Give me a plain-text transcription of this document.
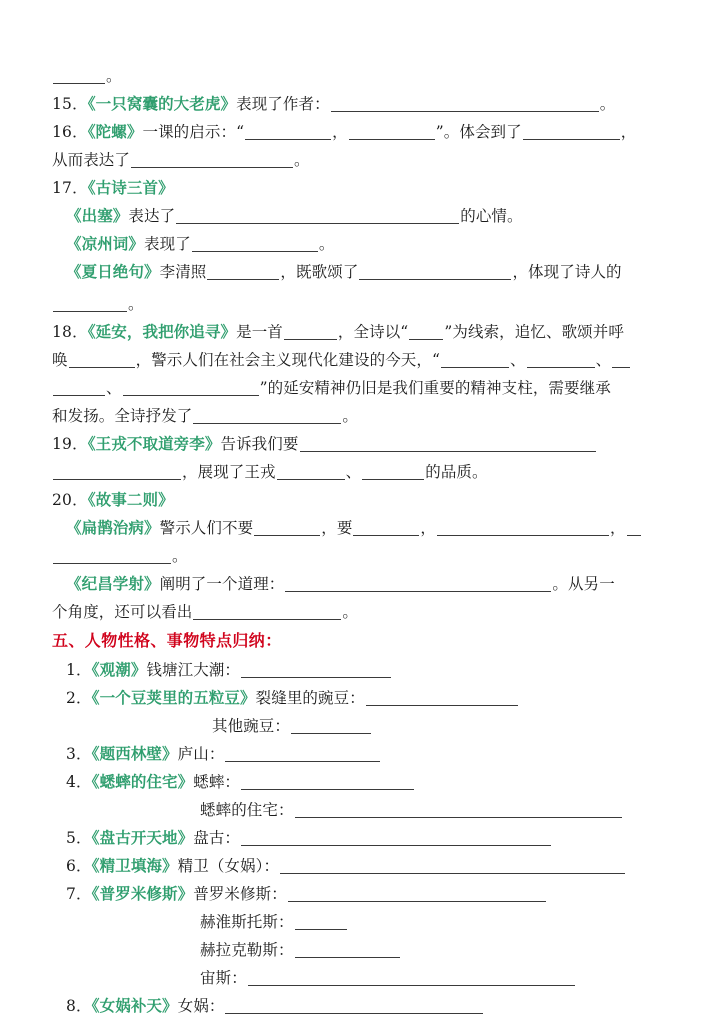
。
15．《一只窝囊的大老虎》表现了作者：	。
16．《陀螺》一课的启示：“	，	”。体会到了	，
从而表达了	。
17．《古诗三首》
《出塞》表达了	的心情。
《凉州词》表现了	。
《夏日绝句》李清照	，既歌颂了	，体现了诗人的
。
18．《延安，我把你追寻》是一首	，全诗以“ ”为线索，追忆、歌颂并呼
唤	，警示人们在社会主义现代化建设的今天，“	、	、
、	”的延安精神仍旧是我们重要的精神支柱，需要继承
和发扬。全诗抒发了	。
19．《王戎不取道旁李》告诉我们要
，展现了王戎	、	的品质。
20．《故事二则》
《扁鹊治病》警示人们不要	，要	，	，
。
《纪昌学射》阐明了一个道理：	。从另一
个角度，还可以看出	。
五、人物性格、事物特点归纳：
1．《观潮》钱塘江大潮：
2．《一个豆荚里的五粒豆》裂缝里的豌豆：
其他豌豆：
3．《题西林壁》庐山：
4．《蟋蟀的住宅》蟋蟀：
蟋蟀的住宅：
5．《盘古开天地》盘古：
6．《精卫填海》精卫（女娲）：
7．《普罗米修斯》普罗米修斯：
赫淮斯托斯：
赫拉克勒斯：
宙斯：
8．《女娲补天》女娲：
